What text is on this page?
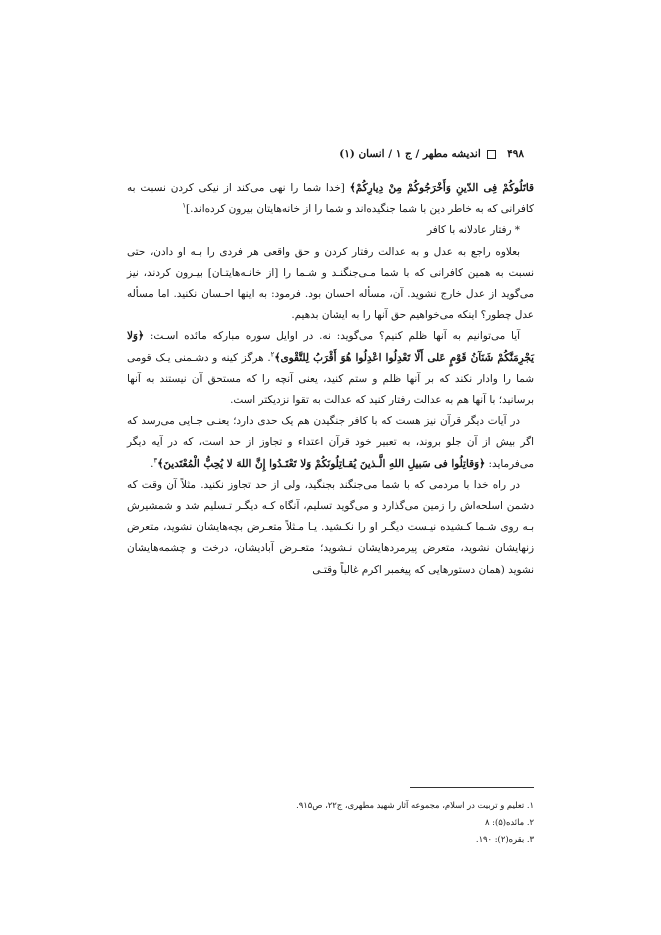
۴۹۸  اندیشه مطهر / ج ۱ / انسان (۱)

قاتَلُوکُمْ فِی الدّینِ وَأَخْرَجُوکُمْ مِنْ دِیارِکُمْ﴾ [خدا شما را نهی می‌کند از نیکی کردن نسبت به کافرانی که به خاطر دین با شما جنگیده‌اند و شما را از خانه‌هایتان بیرون کرده‌اند.]$^۱$

* رفتار عادلانه با کافر

بعلاوه راجع به عدل و به عدالت رفتار کردن و حق واقعی هر فردی را بـه او دادن، حتی نسبت به همین کافرانی که با شما مـی‌جنگنـد و شـما را [از خانـه‌هایتـان] بیـرون کردند، نیز می‌گوید از عدل خارج نشوید. آن، مسأله احسان بود. فرمود: به اینها احـسان نکنید. اما مسأله عدل چطور؟ اینکه می‌خواهیم حق آنها را به ایشان بدهیم.

آیا می‌توانیم به آنها ظلم کنیم؟ می‌گوید: نه. در اوایل سوره مبارکه مائده اسـت: ﴿وَلا یَجْرِمَنَّکُمْ شَنَآنُ قَوْمٍ عَلی أَلّا تَعْدِلُوا اعْدِلُوا هُوَ أَقْرَبُ لِلتَّقْوی﴾$^۲$. هرگز کینه و دشـمنی یـک قومی شما را وادار نکند که بر آنها ظلم و ستم کنید، یعنی آنچه را که مستحق آن نیستند به آنها برسانید؛ با آنها هم به عدالت رفتار کنید که عدالت به تقوا نزدیکتر است.

در آیات دیگر قرآن نیز هست که با کافر جنگیدن هم یک حدی دارد؛ یعنـی جـایی می‌رسد که اگر بیش از آن جلو بروند، به تعبیر خود قرآن اعتداء و تجاوز از حد است، که در آیه دیگر می‌فرماید: ﴿وَقاتِلُوا فی سَبیلِ اللهِ الَّـذینَ یُقـاتِلُونَکُمْ وَلا تَعْتَـدُوا إِنَّ اللهَ لا یُحِبُّ الْمُعْتَدینَ﴾$^۳$.

در راه خدا با مردمی که با شما می‌جنگند بجنگید، ولی از حد تجاوز نکنید. مثلاً آن وقت که دشمن اسلحه‌اش را زمین می‌گذارد و می‌گوید تسلیم، آنگاه کـه دیگـر تـسلیم شد و شمشیرش بـه روی شـما کـشیده نیـست دیگـر او را نکـشید. یـا مـثلاً متعـرض بچه‌هایشان نشوید، متعرض زنهایشان نشوید، متعرض پیرمردهایشان نـشوید؛ متعـرض آبادیشان، درخت و چشمه‌هایشان نشوید (همان دستورهایی که پیغمبر اکرم غالباً وقتـی

۱. تعلیم و تربیت در اسلام، مجموعه آثار شهید مطهری، ج۲۲، ص۹۱۵.
۲. مائده(۵): ۸
۳. بقره(۲): ۱۹۰.
